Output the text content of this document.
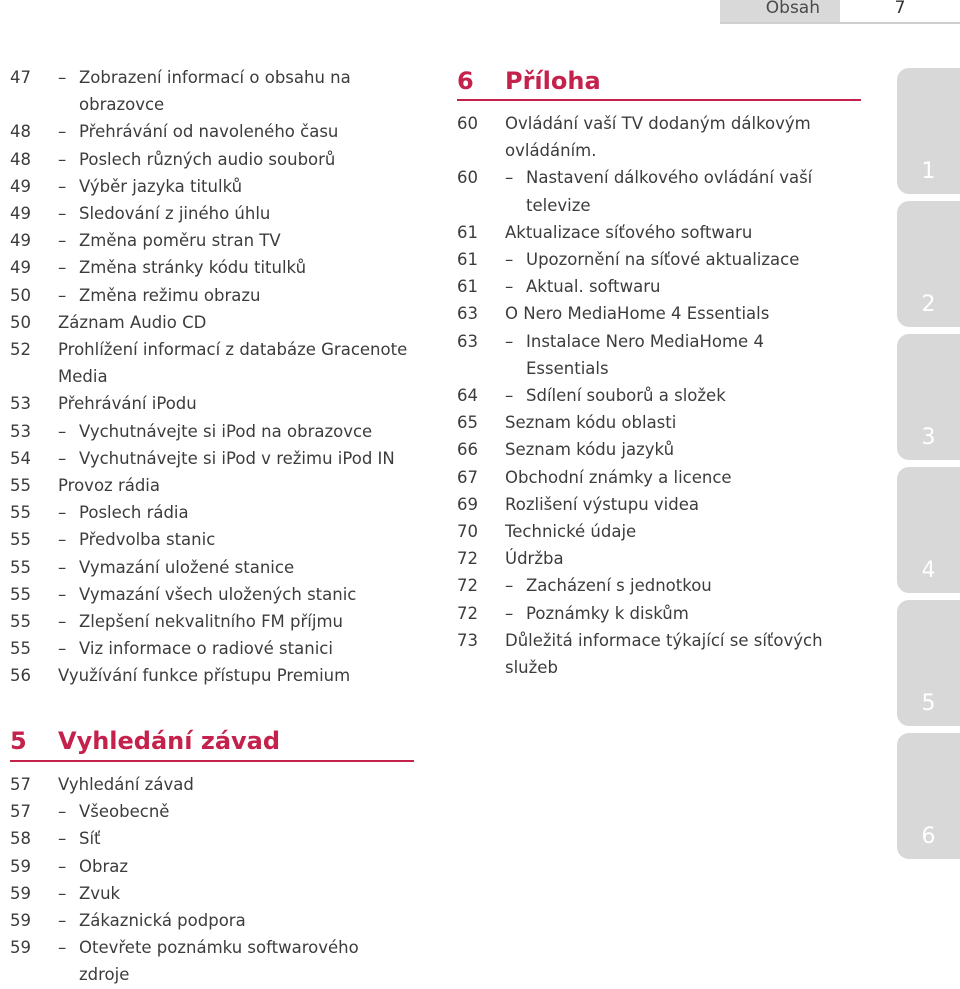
Obsah	7
47 – Zobrazení informací o obsahu na
obrazovce
48 – Přehrávání od navoleného času
48 – Poslech různých audio souborů
49 – Výběr jazyka titulků
49 – Sledování z jiného úhlu
49 – Změna poměru stran TV
49 – Změna stránky kódu titulků
50 – Změna režimu obrazu
50 Záznam Audio CD
52 Prohlížení informací z databáze Gracenote
Media
53 Přehrávání iPodu
53 – Vychutnávejte si iPod na obrazovce
54 – Vychutnávejte si iPod v režimu iPod IN
55 Provoz rádia
55 – Poslech rádia
55 – Předvolba stanic
55 – Vymazání uložené stanice
55 – Vymazání všech uložených stanic
55 – Zlepšení nekvalitního FM příjmu
55 – Viz informace o radiové stanici
56 Využívání funkce přístupu Premium
5 Vyhledání závad
57 Vyhledání závad
57 – Všeobecně
58 – Síť
59 – Obraz
59 – Zvuk
59 – Zákaznická podpora
59 – Otevřete poznámku softwarového
zdroje
6 Příloha
60 Ovládání vaší TV dodaným dálkovým
ovládáním.
60 – Nastavení dálkového ovládání vaší
televize
61 Aktualizace síťového softwaru
61 – Upozornění na síťové aktualizace
61 – Aktual. softwaru
63 O Nero MediaHome 4 Essentials
63 – Instalace Nero MediaHome 4
Essentials
64 – Sdílení souborů a složek
65 Seznam kódu oblasti
66 Seznam kódu jazyků
67 Obchodní známky a licence
69 Rozlišení výstupu videa
70 Technické údaje
72 Údržba
72 – Zacházení s jednotkou
72 – Poznámky k diskům
73 Důležitá informace týkající se síťových
služeb
1
2
3
4
5
6
